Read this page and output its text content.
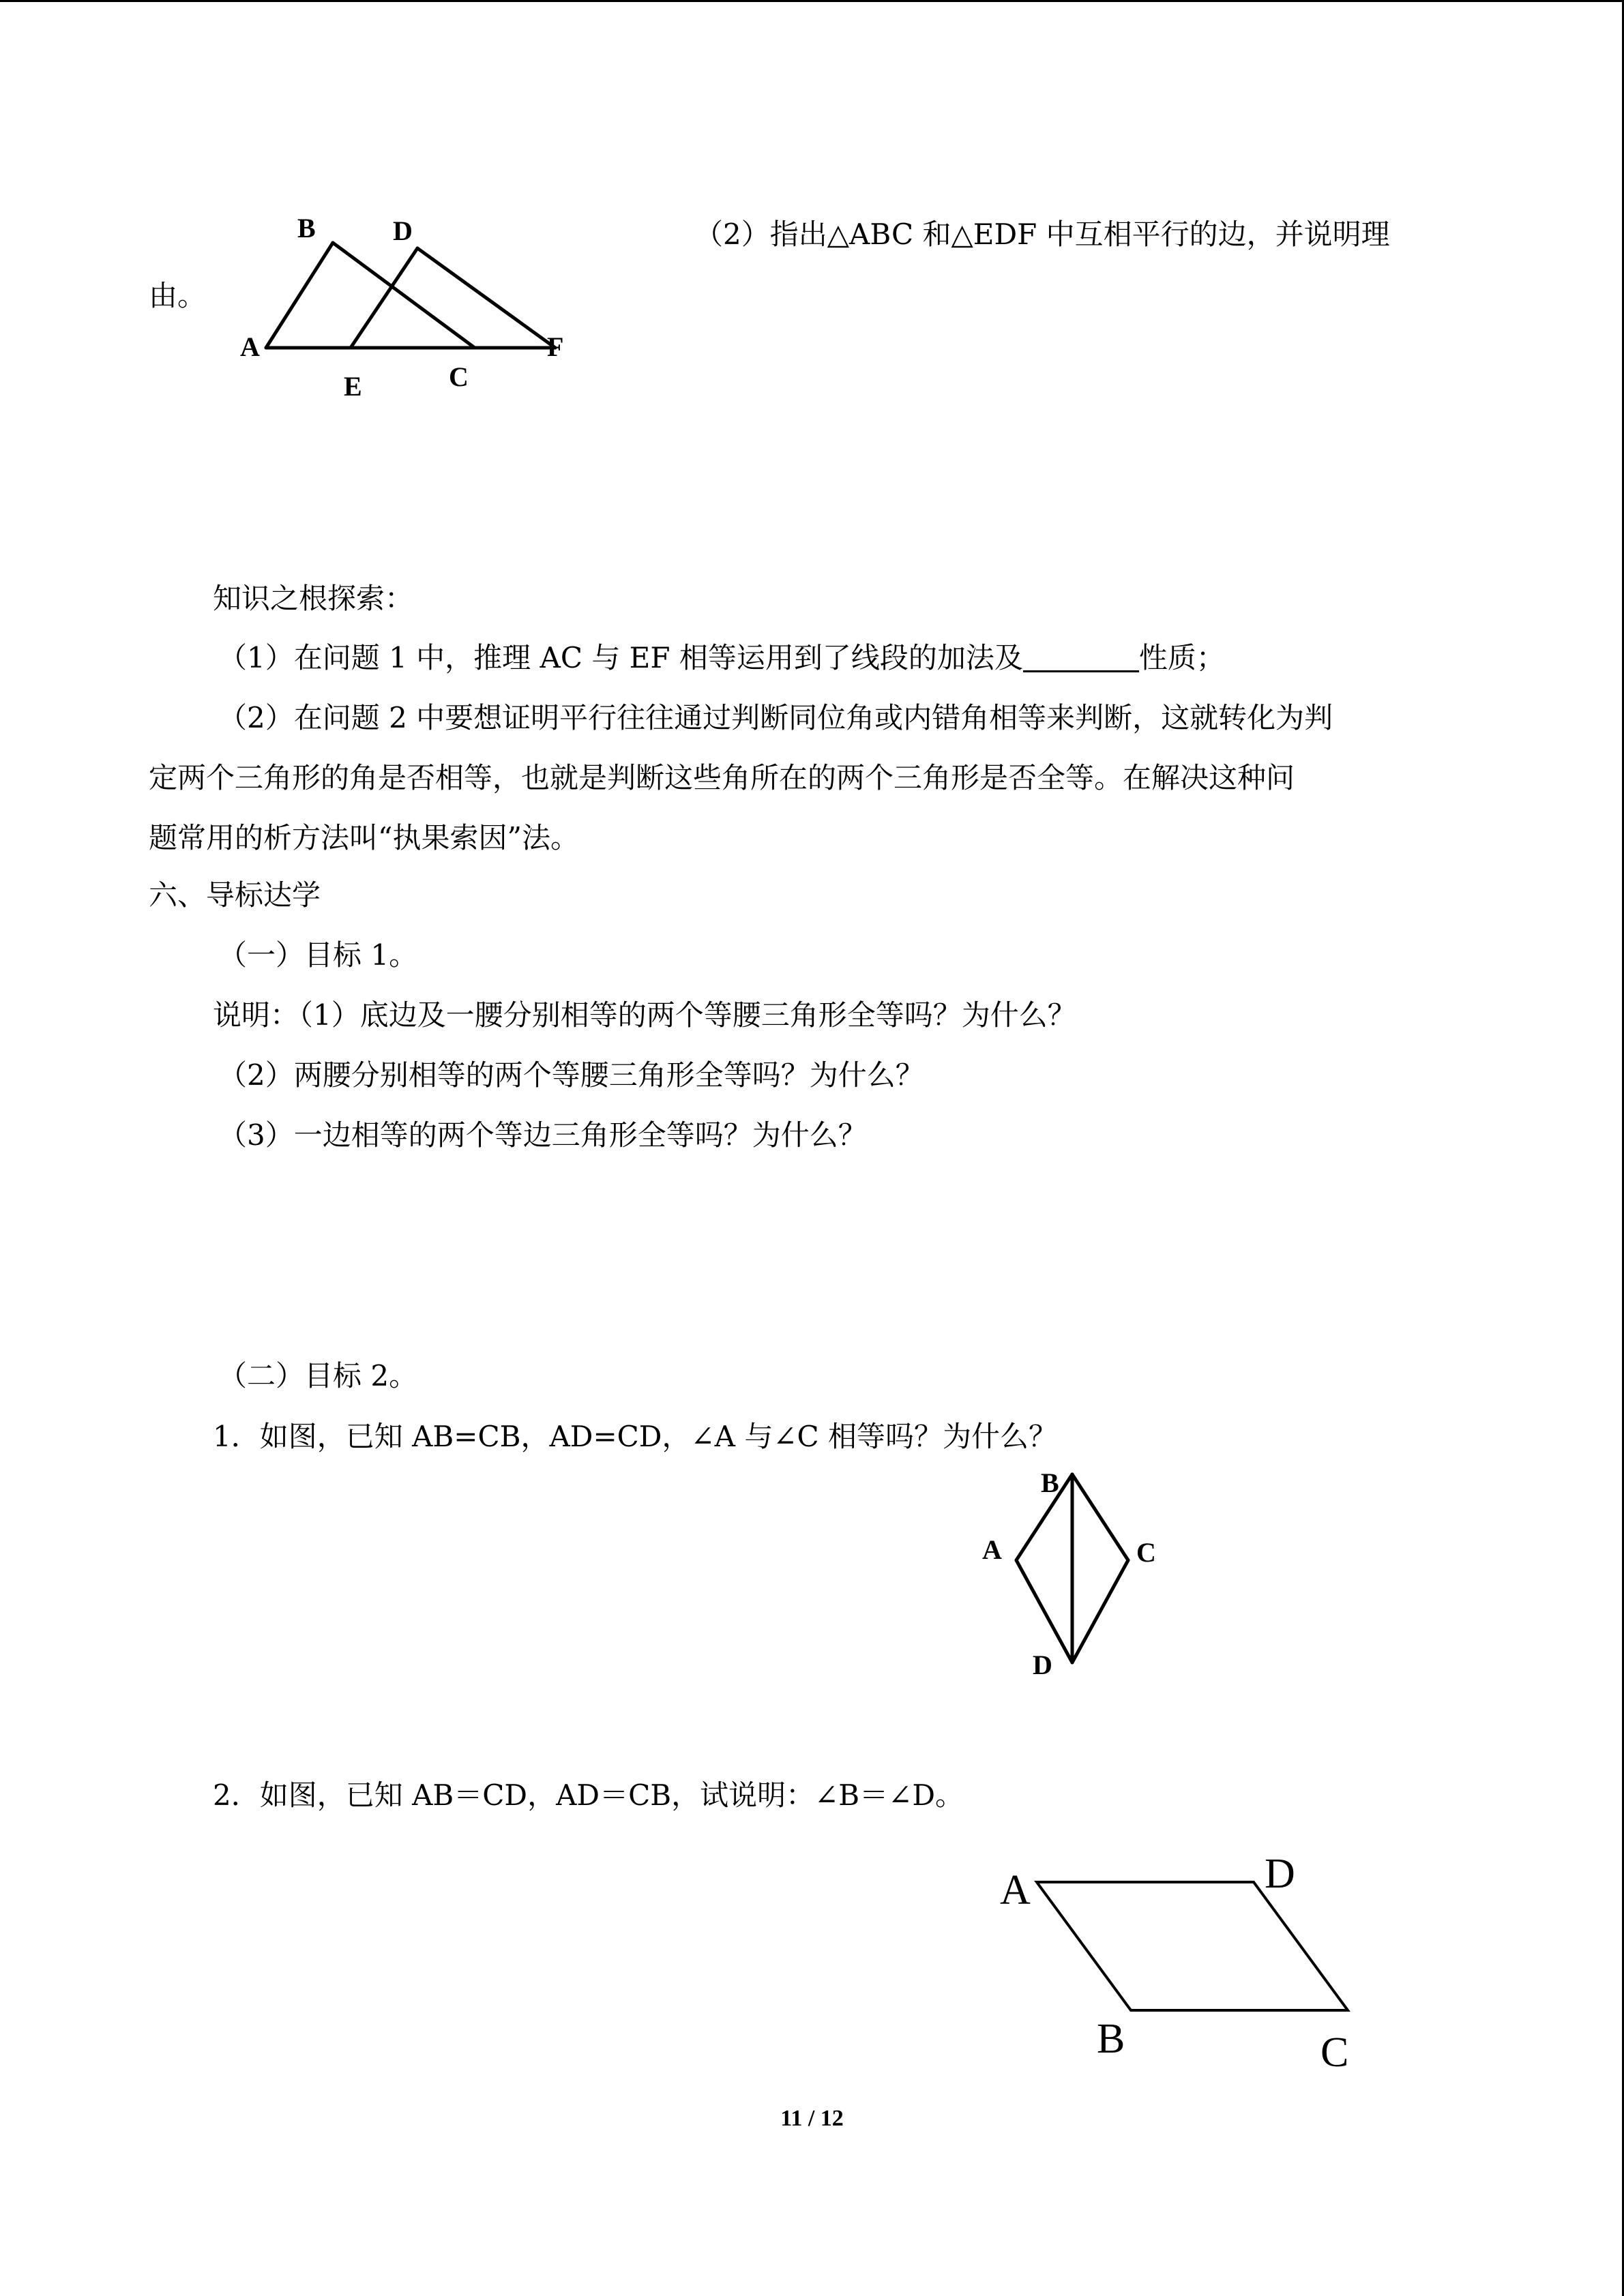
B	D
A
E	C
F
（2）指出△ABC 和△EDF 中互相平行的边，并说明理
由。
知识之根探索：
（1）在问题 1 中，推理 AC 与 EF 相等运用到了线段的加法及	性质；
（2）在问题 2 中要想证明平行往往通过判断同位角或内错角相等来判断，这就转化为判
定两个三角形的角是否相等，也就是判断这些角所在的两个三角形是否全等。在解决这种问
题常用的析方法叫“执果索因”法。
六、导标达学
（一）目标 1。
说明：（1）底边及一腰分别相等的两个等腰三角形全等吗？为什么？
（2）两腰分别相等的两个等腰三角形全等吗？为什么？
（3）一边相等的两个等边三角形全等吗？为什么？
（二）目标 2。
1．如图，已知 AB=CB，AD=CD，∠A 与∠C 相等吗？为什么？
B
A	C
D
2．如图，已知 AB＝CD，AD＝CB，试说明：∠B＝∠D。
A	D
B	C
11 / 12
